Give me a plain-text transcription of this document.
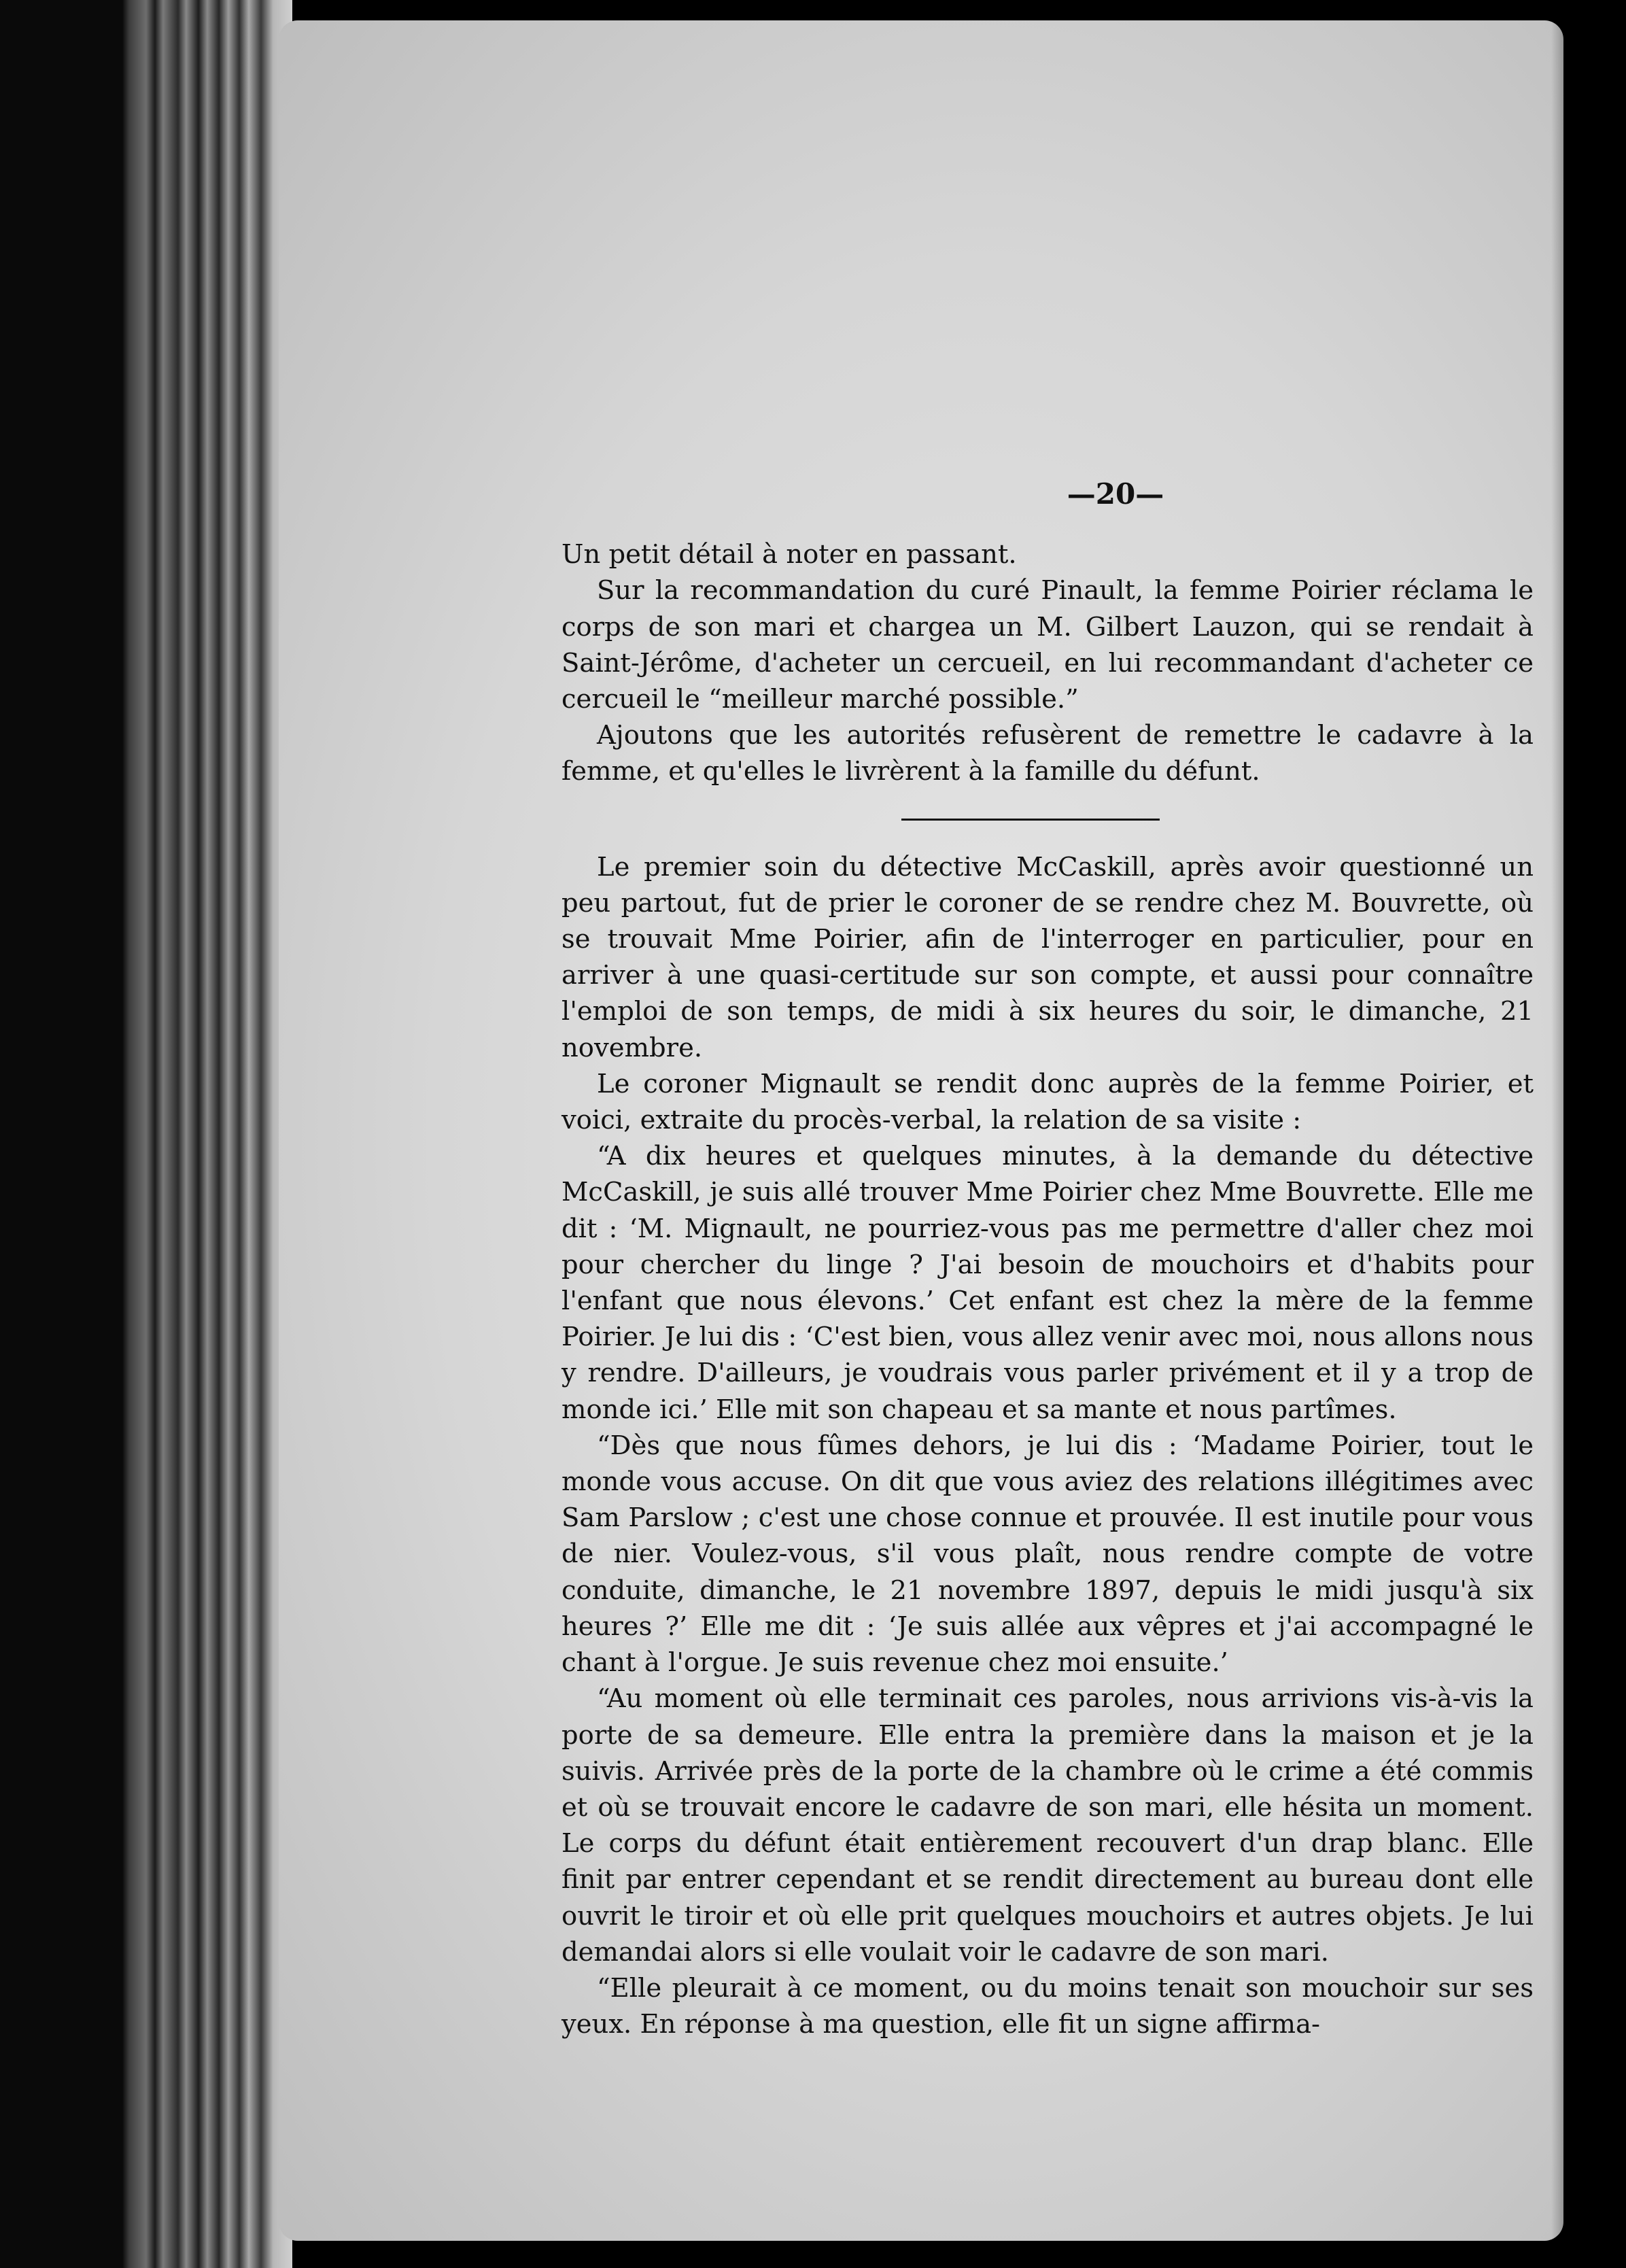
—20—

Un petit détail à noter en passant.

Sur la recommandation du curé Pinault, la femme Poirier réclama le corps de son mari et chargea un M. Gilbert Lauzon, qui se rendait à Saint-Jérôme, d'acheter un cercueil, en lui recommandant d'acheter ce cercueil le “meilleur marché possible.”

Ajoutons que les autorités refusèrent de remettre le cadavre à la femme, et qu'elles le livrèrent à la famille du défunt.

Le premier soin du détective McCaskill, après avoir questionné un peu partout, fut de prier le coroner de se rendre chez M. Bouvrette, où se trouvait Mme Poirier, afin de l'interroger en particulier, pour en arriver à une quasi-certitude sur son compte, et aussi pour connaître l'emploi de son temps, de midi à six heures du soir, le dimanche, 21 novembre.

Le coroner Mignault se rendit donc auprès de la femme Poirier, et voici, extraite du procès-verbal, la relation de sa visite :

“A dix heures et quelques minutes, à la demande du détective McCaskill, je suis allé trouver Mme Poirier chez Mme Bouvrette. Elle me dit : ‘M. Mignault, ne pourriez-vous pas me permettre d'aller chez moi pour chercher du linge ? J'ai besoin de mouchoirs et d'habits pour l'enfant que nous élevons.’ Cet enfant est chez la mère de la femme Poirier. Je lui dis : ‘C'est bien, vous allez venir avec moi, nous allons nous y rendre. D'ailleurs, je voudrais vous parler privément et il y a trop de monde ici.’ Elle mit son chapeau et sa mante et nous partîmes.

“Dès que nous fûmes dehors, je lui dis : ‘Madame Poirier, tout le monde vous accuse. On dit que vous aviez des relations illégitimes avec Sam Parslow ; c'est une chose connue et prouvée. Il est inutile pour vous de nier. Voulez-vous, s'il vous plaît, nous rendre compte de votre conduite, dimanche, le 21 novembre 1897, depuis le midi jusqu'à six heures ?’ Elle me dit : ‘Je suis allée aux vêpres et j'ai accompagné le chant à l'orgue. Je suis revenue chez moi ensuite.’

“Au moment où elle terminait ces paroles, nous arrivions vis-à-vis la porte de sa demeure. Elle entra la première dans la maison et je la suivis. Arrivée près de la porte de la chambre où le crime a été commis et où se trouvait encore le cadavre de son mari, elle hésita un moment. Le corps du défunt était entièrement recouvert d'un drap blanc. Elle finit par entrer cependant et se rendit directement au bureau dont elle ouvrit le tiroir et où elle prit quelques mouchoirs et autres objets. Je lui demandai alors si elle voulait voir le cadavre de son mari.

“Elle pleurait à ce moment, ou du moins tenait son mouchoir sur ses yeux. En réponse à ma question, elle fit un signe affirma-
